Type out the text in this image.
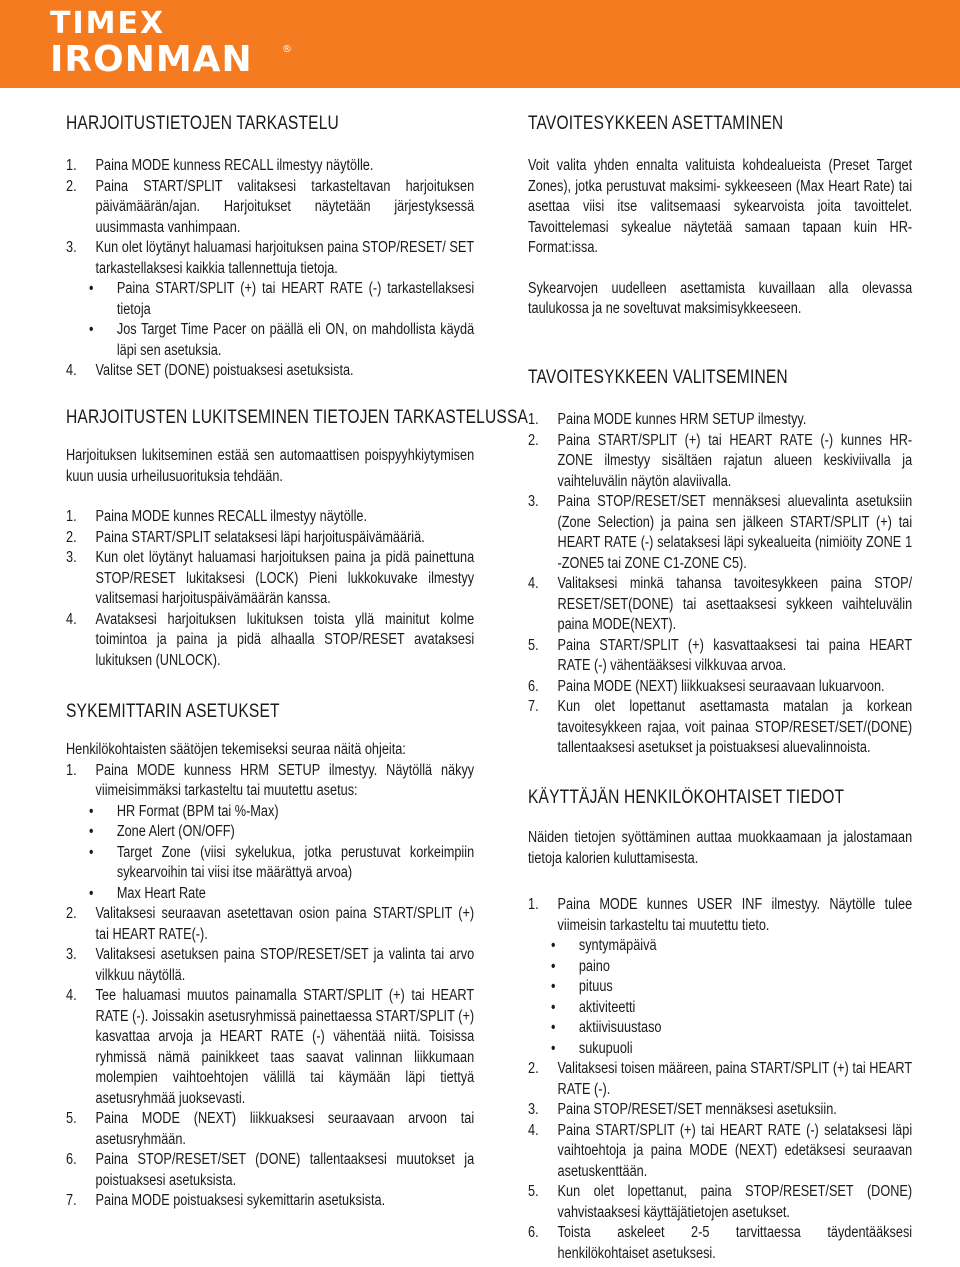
TIMEX
IRONMAN	®
HARJOITUSTIETOJEN TARKASTELU
1. Paina MODE kunness RECALL ilmestyy näytölle.
2. Paina START/SPLIT valitaksesi tarkasteltavan harjoituksen päivämäärän/ajan. Harjoitukset näytetään järjestyksessä uusimmasta vanhimpaan.
3. Kun olet löytänyt haluamasi harjoituksen paina STOP/RESET/ SET tarkastellaksesi kaikkia tallennettuja tietoja.
• Paina START/SPLIT (+) tai HEART RATE (-) tarkastellaksesi tietoja
• Jos Target Time Pacer on päällä eli ON, on mahdollista käydä läpi sen asetuksia.
4. Valitse SET (DONE) poistuaksesi asetuksista.
HARJOITUSTEN LUKITSEMINEN TIETOJEN TARKASTELUSSA

Harjoituksen lukitseminen estää sen automaattisen poispyyhkiytymisen kuun uusia urheilusuorituksia tehdään.

1. Paina MODE kunnes RECALL ilmestyy näytölle.
2. Paina START/SPLIT selataksesi läpi harjoituspäivämääriä.
3. Kun olet löytänyt haluamasi harjoituksen paina ja pidä painettuna STOP/RESET lukitaksesi (LOCK) Pieni lukkokuvake ilmestyy valitsemasi harjoituspäivämäärän kanssa.
4. Avataksesi harjoituksen lukituksen toista yllä mainitut kolme toimintoa ja paina ja pidä alhaalla STOP/RESET avataksesi lukituksen (UNLOCK).
SYKEMITTARIN ASETUKSET

Henkilökohtaisten säätöjen tekemiseksi seuraa näitä ohjeita:

1. Paina MODE kunness HRM SETUP ilmestyy. Näytöllä näkyy viimeisimmäksi tarkasteltu tai muutettu asetus:
• HR Format (BPM tai %-Max)
• Zone Alert (ON/OFF)
• Target Zone (viisi sykelukua, jotka perustuvat korkeimpiin sykearvoihin tai viisi itse määrättyä arvoa)
• Max Heart Rate
2. Valitaksesi seuraavan asetettavan osion paina START/SPLIT (+) tai HEART RATE(-).
3. Valitaksesi asetuksen paina STOP/RESET/SET ja valinta tai arvo vilkkuu näytöllä.
4. Tee haluamasi muutos painamalla START/SPLIT (+) tai HEART RATE (-). Joissakin asetusryhmissä painettaessa START/SPLIT (+) kasvattaa arvoja ja HEART RATE (-) vähentää niitä. Toisissa ryhmissä nämä painikkeet taas saavat valinnan liikkumaan molempien vaihtoehtojen välillä tai käymään läpi tiettyä asetusryhmää juoksevasti.
5. Paina MODE (NEXT) liikkuaksesi seuraavaan arvoon tai asetusryhmään.
6. Paina STOP/RESET/SET (DONE) tallentaaksesi muutokset ja poistuaksesi asetuksista.
7. Paina MODE poistuaksesi sykemittarin asetuksista.
TAVOITESYKKEEN ASETTAMINEN

Voit valita yhden ennalta valituista kohdealueista (Preset Target Zones), jotka perustuvat maksimi- sykkeeseen (Max Heart Rate) tai asettaa viisi itse valitsemaasi sykearvoista joita tavoittelet. Tavoittelemasi sykealue näytetää samaan tapaan kuin HR-Format:issa.

Sykearvojen uudelleen asettamista kuvaillaan alla olevassa taulukossa ja ne soveltuvat maksimisykkeeseen.

TAVOITESYKKEEN VALITSEMINEN
1. Paina MODE kunnes HRM SETUP ilmestyy.
2. Paina START/SPLIT (+) tai HEART RATE (-) kunnes HR-ZONE ilmestyy sisältäen rajatun alueen keskiviivalla ja vaihteluvälin näytön alaviivalla.
3. Paina STOP/RESET/SET mennäksesi aluevalinta asetuksiin (Zone Selection) ja paina sen jälkeen START/SPLIT (+) tai HEART RATE (-) selataksesi läpi sykealueita (nimiöity ZONE 1 -ZONE5 tai ZONE C1-ZONE C5).
4. Valitaksesi minkä tahansa tavoitesykkeen paina STOP/ RESET/SET(DONE) tai asettaaksesi sykkeen vaihteluvälin paina MODE(NEXT).
5. Paina START/SPLIT (+) kasvattaaksesi tai paina HEART RATE (-) vähentääksesi vilkkuvaa arvoa.
6. Paina MODE (NEXT) liikkuaksesi seuraavaan lukuarvoon.
7. Kun olet lopettanut asettamasta matalan ja korkean tavoitesykkeen rajaa, voit painaa STOP/RESET/SET/(DONE) tallentaaksesi asetukset ja poistuaksesi aluevalinnoista.
KÄYTTÄJÄN HENKILÖKOHTAISET TIEDOT

Näiden tietojen syöttäminen auttaa muokkaamaan ja jalostamaan tietoja kalorien kuluttamisesta.

1. Paina MODE kunnes USER INF ilmestyy. Näytölle tulee viimeisin tarkasteltu tai muutettu tieto.
• syntymäpäivä
• paino
• pituus
• aktiviteetti
• aktiivisuustaso
• sukupuoli
2. Valitaksesi toisen määreen, paina START/SPLIT (+) tai HEART RATE (-).
3. Paina STOP/RESET/SET mennäksesi asetuksiin.
4. Paina START/SPLIT (+) tai HEART RATE (-) selataksesi läpi vaihtoehtoja ja paina MODE (NEXT) edetäksesi seuraavan asetuskenttään.
5. Kun olet lopettanut, paina STOP/RESET/SET (DONE) vahvistaaksesi käyttäjätietojen asetukset.
6. Toista askeleet 2-5 tarvittaessa täydentääksesi henkilökohtaiset asetuksesi.
